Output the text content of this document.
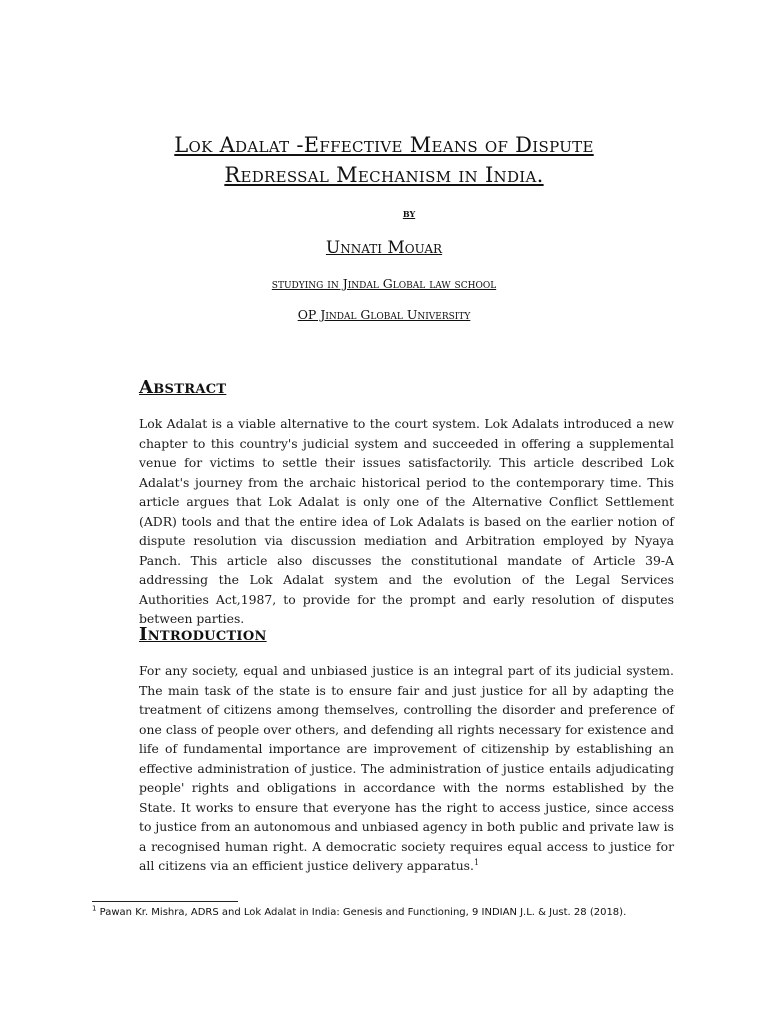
Lok Adalat -Effective Means of Dispute
Redressal Mechanism in India.
by
Unnati Mouar
studying in Jindal Global law school
OP Jindal Global University
Abstract
Lok Adalat is a viable alternative to the court system. Lok Adalats introduced a new chapter to this country's judicial system and succeeded in offering a supplemental venue for victims to settle their issues satisfactorily. This article described Lok Adalat's journey from the archaic historical period to the contemporary time. This article argues that Lok Adalat is only one of the Alternative Conflict Settlement (ADR) tools and that the entire idea of Lok Adalats is based on the earlier notion of dispute resolution via discussion mediation and Arbitration employed by Nyaya Panch. This article also discusses the constitutional mandate of Article 39-A addressing the Lok Adalat system and the evolution of the Legal Services Authorities Act,1987, to provide for the prompt and early resolution of disputes between parties.
Introduction
For any society, equal and unbiased justice is an integral part of its judicial system. The main task of the state is to ensure fair and just justice for all by adapting the treatment of citizens among themselves, controlling the disorder and preference of one class of people over others, and defending all rights necessary for existence and life of fundamental importance are improvement of citizenship by establishing an effective administration of justice. The administration of justice entails adjudicating people' rights and obligations in accordance with the norms established by the State. It works to ensure that everyone has the right to access justice, since access to justice from an autonomous and unbiased agency in both public and private law is a recognised human right. A democratic society requires equal access to justice for all citizens via an efficient justice delivery apparatus.$^1$
$^1$ Pawan Kr. Mishra, ADRS and Lok Adalat in India: Genesis and Functioning, 9 INDIAN J.L. & Just. 28 (2018).
